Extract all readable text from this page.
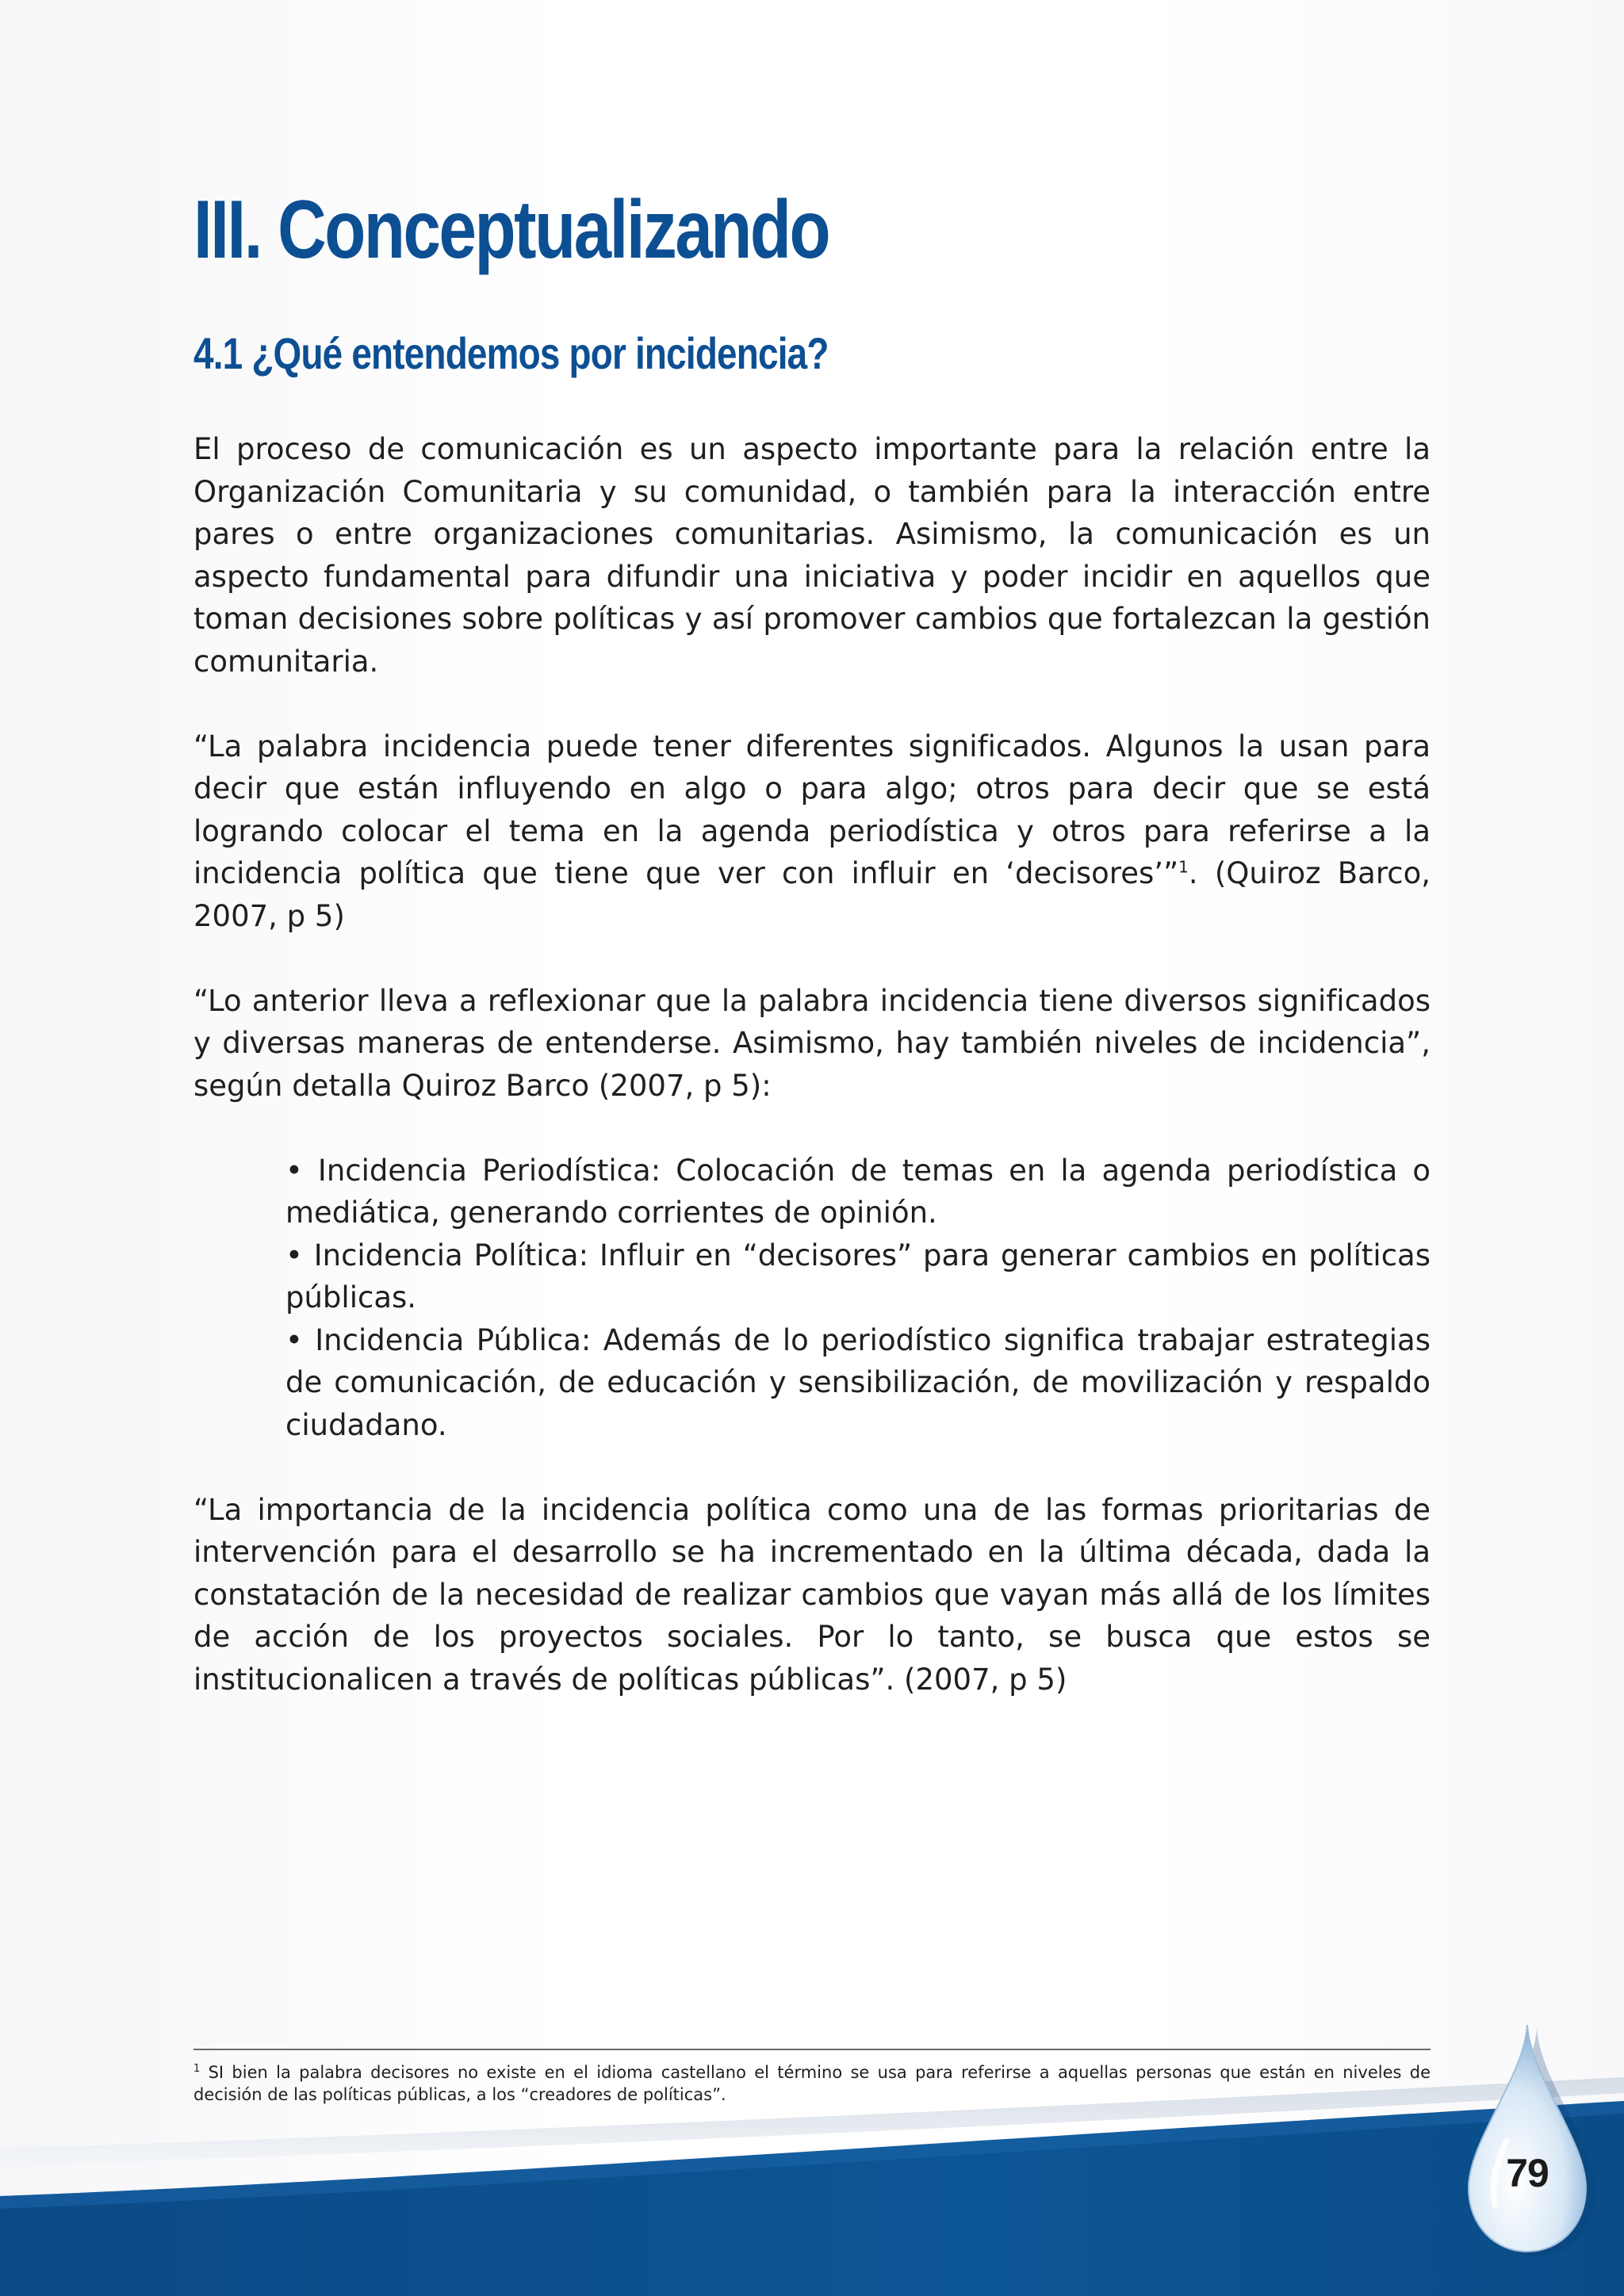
III. Conceptualizando
4.1 ¿Qué entendemos por incidencia?

El proceso de comunicación es un aspecto importante para la relación entre la Organización Comunitaria y su comunidad, o también para la interacción entre pares o entre organizaciones comunitarias. Asimismo, la comunicación es un aspecto fundamental para difundir una iniciativa y poder incidir en aquellos que toman decisiones sobre políticas y así promover cambios que fortalezcan la gestión comunitaria.

“La palabra incidencia puede tener diferentes significados. Algunos la usan para decir que están influyendo en algo o para algo; otros para decir que se está logrando colocar el tema en la agenda periodística y otros para referirse a la incidencia política que tiene que ver con influir en ‘decisores’”$^1$. (Quiroz Barco, 2007, p 5)

“Lo anterior lleva a reflexionar que la palabra incidencia tiene diversos significados y diversas maneras de entenderse. Asimismo, hay también niveles de incidencia”, según detalla Quiroz Barco (2007, p 5):

• Incidencia Periodística: Colocación de temas en la agenda periodística o mediática, generando corrientes de opinión.
• Incidencia Política: Influir en “decisores” para generar cambios en políticas públicas.
• Incidencia Pública: Además de lo periodístico significa trabajar estrategias de comunicación, de educación y sensibilización, de movilización y respaldo ciudadano.

“La importancia de la incidencia política como una de las formas prioritarias de intervención para el desarrollo se ha incrementado en la última década, dada la constatación de la necesidad de realizar cambios que vayan más allá de los límites de acción de los proyectos sociales. Por lo tanto, se busca que estos se institucionalicen a través de políticas públicas”. (2007, p 5)

$^1$ SI bien la palabra decisores no existe en el idioma castellano el término se usa para referirse a aquellas personas que están en niveles de decisión de las políticas públicas, a los “creadores de políticas”.
79
